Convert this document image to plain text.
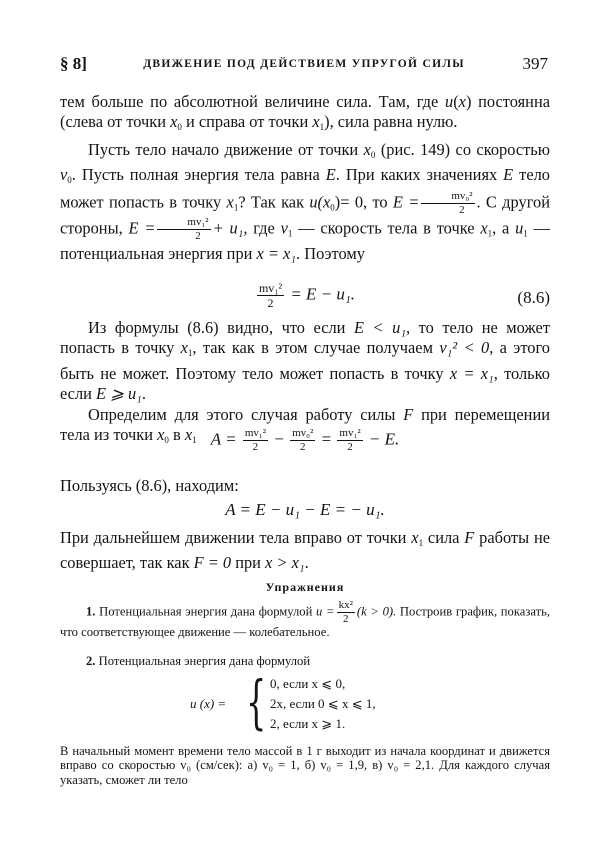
§ 8]	ДВИЖЕНИЕ ПОД ДЕЙСТВИЕМ УПРУГОЙ СИЛЫ	397

тем больше по абсолютной величине сила. Там, где u(x) постоянна (слева от точки $x_0$ и справа от точки $x_1$), сила равна нулю.

Пусть тело начало движение от точки $x_0$ (рис. 149) со скоростью $v_0$. Пусть полная энергия тела равна E. При каких значениях E тело может попасть в точку $x_1$? Так как $u(x_0)= 0$, то $E = \frac{\text{mv₀²}}{2}$ . С другой стороны, $E = \frac{\text{mv₁²}}{2} + u_1$, где $v_1$ — скорость тела в точке $x_1$, а $u_1$ — потенциальная энергия при x = x₁. Поэтому

$\frac{\text{mv₁²}}{2} = E - u_1$.	(8.6)

Из формулы (8.6) видно, что если E < u₁, то тело не может попасть в точку $x_1$, так как в этом случае получаем v₁² < 0, а этого быть не может. Поэтому тело может попасть в точку x = x₁, только если E ⩾ u₁.

Определим для этого случая работу силы F при перемещении тела из точки $x_0$ в $x_1$ $A = \frac{\text{mv₁²}}{2} - \frac{\text{mv₀²}}{2} = \frac{\text{mv₁²}}{2} - E$.
Пользуясь (8.6), находим:
A = E − u₁ − E = − u₁.

При дальнейшем движении тела вправо от точки $x_1$ сила F работы не совершает, так как F = 0 при x > x₁.

Упражнения
1. Потенциальная энергия дана формулой $u = \frac{\text{kx²}}{2} (k > 0)$. Построив график, показать, что соответствующее движение — колебательное.
2. Потенциальная энергия дана формулой
u (x) = { 0, если x ⩽ 0,
2x, если 0 ⩽ x ⩽ 1,
2, если x ⩾ 1.
В начальный момент времени тело массой в 1 г выходит из начала координат и движется вправо со скоростью v₀ (см/сек): а) v₀ = 1, б) v₀ = 1,9, в) v₀ = 2,1. Для каждого случая указать, сможет ли тело
